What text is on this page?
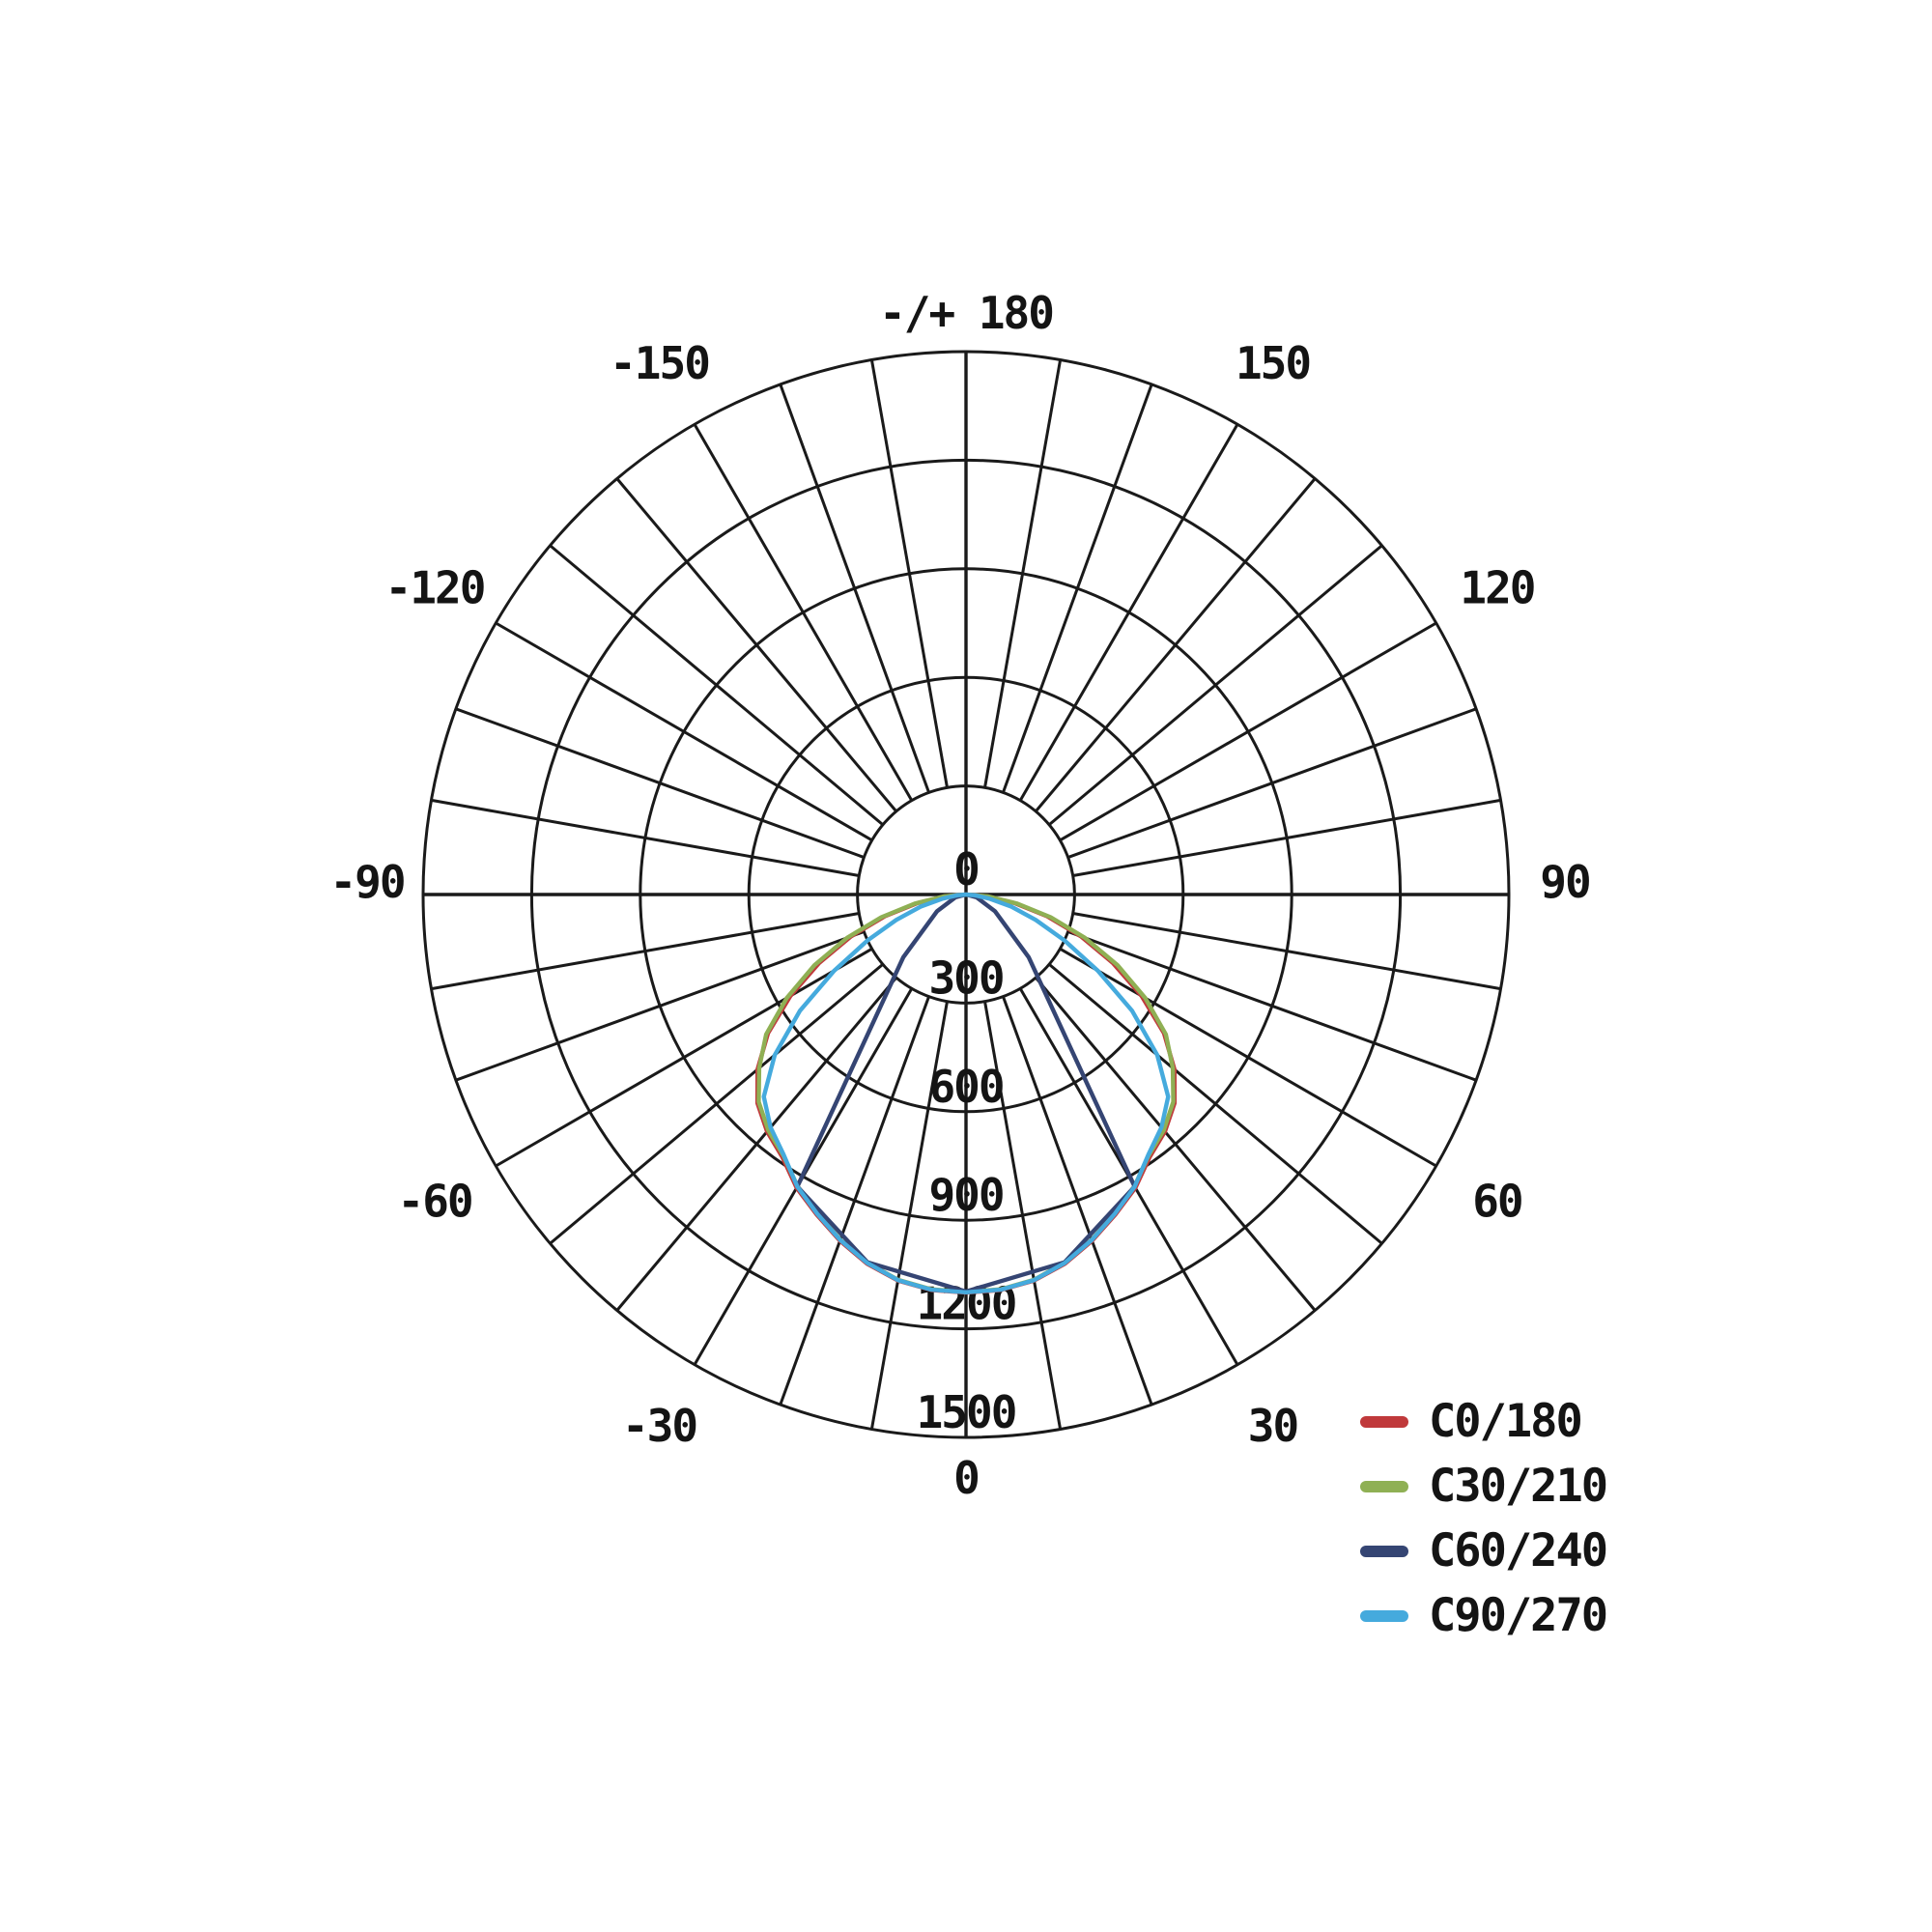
0
300
600
900
1200
1500
-150
-120
-90
-60
-30
0
30
60
90
120
150
-/+ 180
C0/180
C30/210
C60/240
C90/270
